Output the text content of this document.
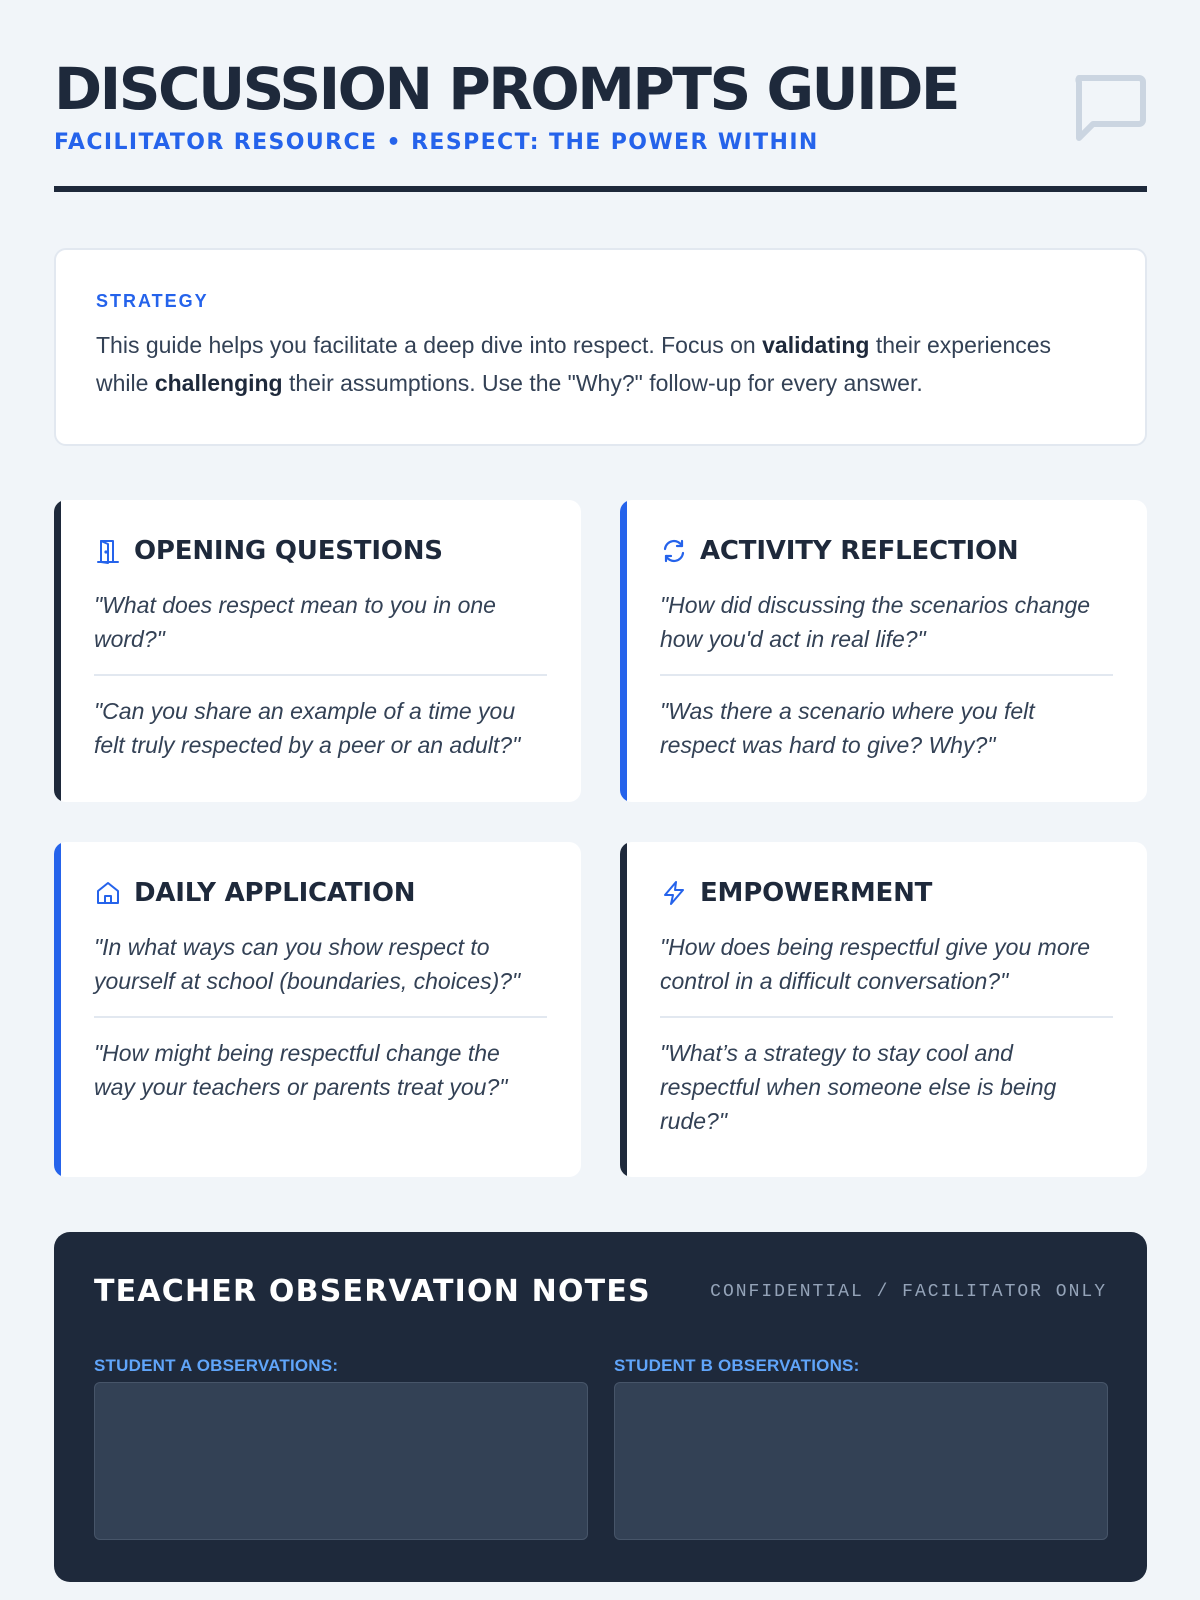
DISCUSSION PROMPTS GUIDE
FACILITATOR RESOURCE • RESPECT: THE POWER WITHIN
STRATEGY

This guide helps you facilitate a deep dive into respect. Focus on validating their experiences while challenging their assumptions. Use the "Why?" follow-up for every answer.

OPENING QUESTIONS

"What does respect mean to you in one word?"

"Can you share an example of a time you felt truly respected by a peer or an adult?"

ACTIVITY REFLECTION

"How did discussing the scenarios change how you'd act in real life?"

"Was there a scenario where you felt respect was hard to give? Why?"

DAILY APPLICATION

"In what ways can you show respect to yourself at school (boundaries, choices)?"

"How might being respectful change the way your teachers or parents treat you?"

EMPOWERMENT

"How does being respectful give you more control in a difficult conversation?"

"What’s a strategy to stay cool and respectful when someone else is being rude?"

TEACHER OBSERVATION NOTES	CONFIDENTIAL / FACILITATOR ONLY
STUDENT A OBSERVATIONS:	STUDENT B OBSERVATIONS:
